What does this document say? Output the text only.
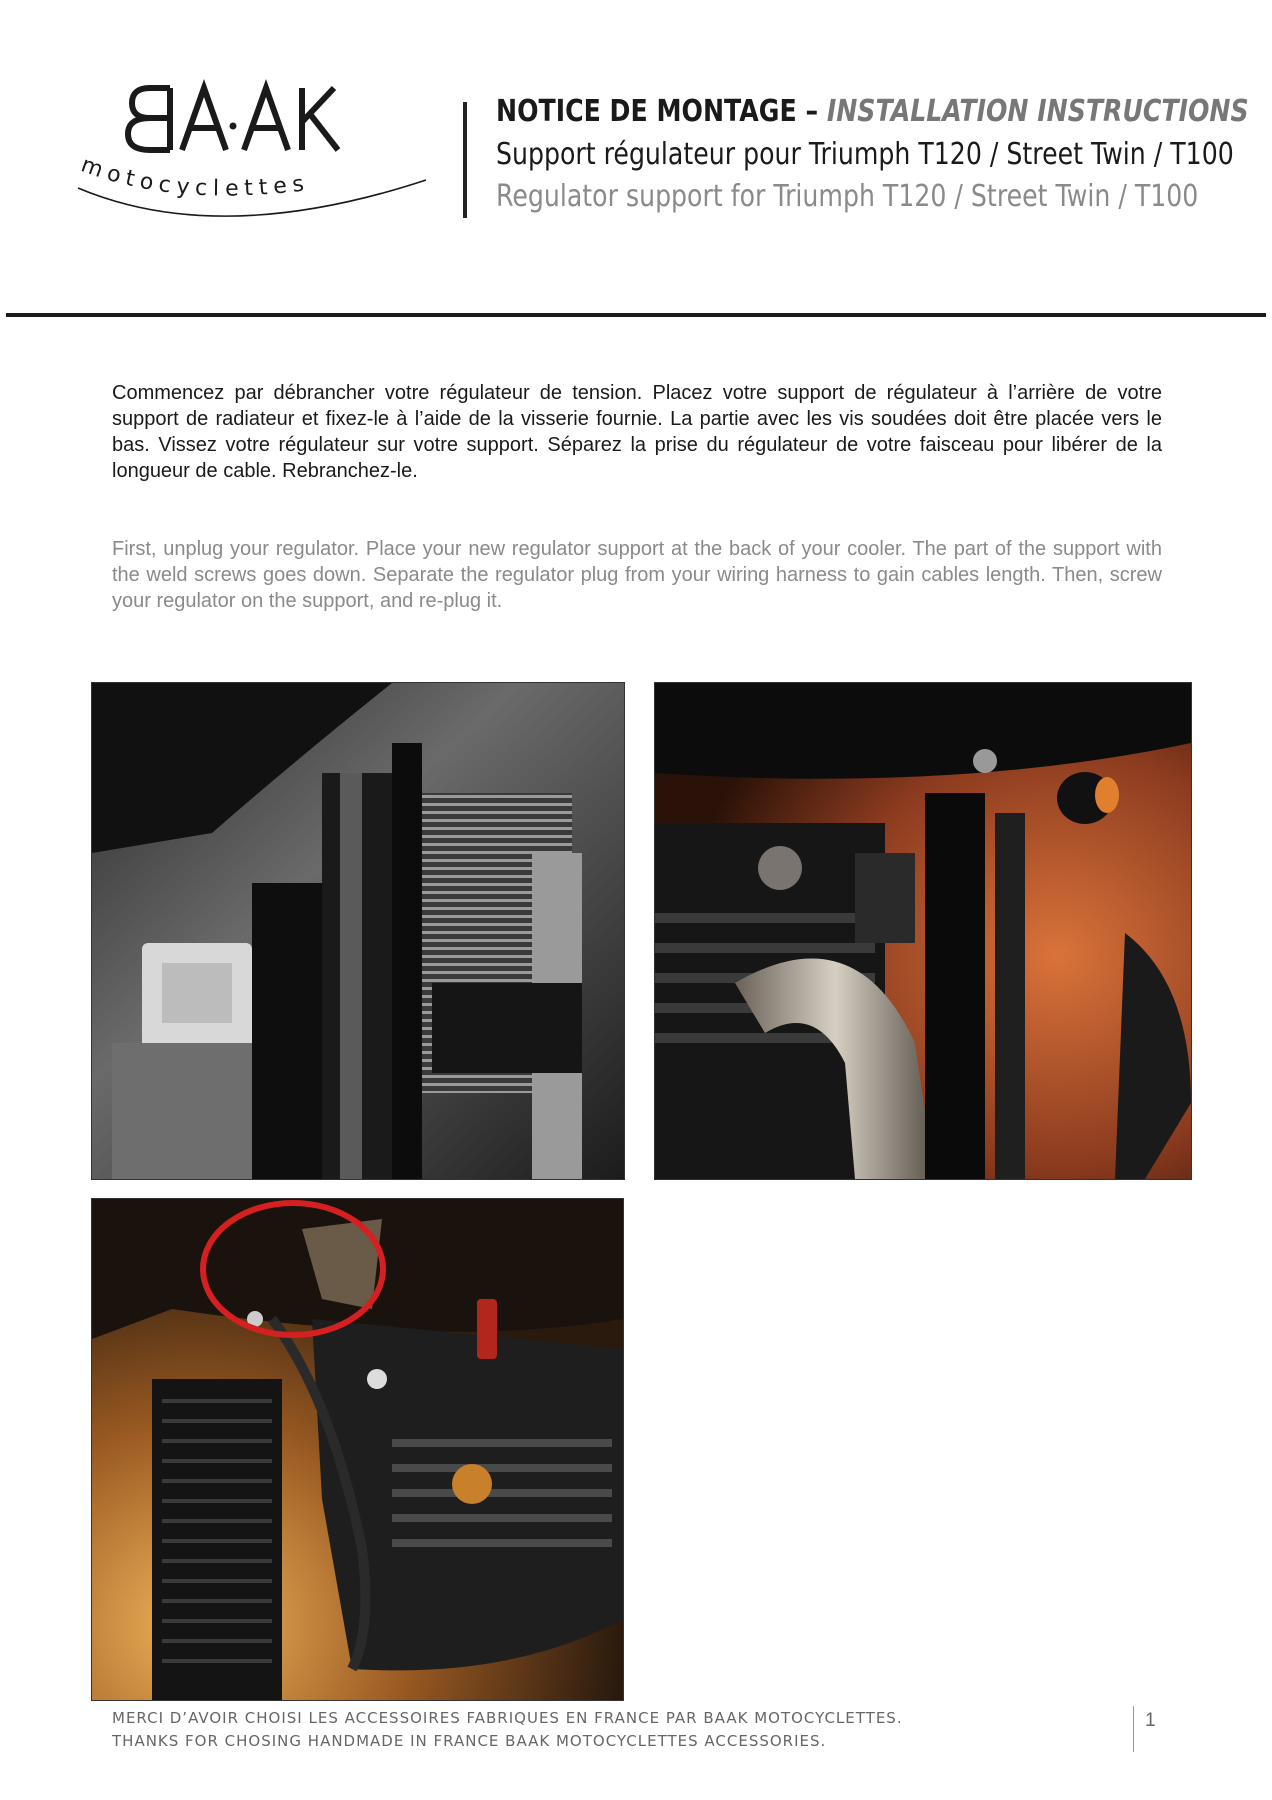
motocyclettes
NOTICE DE MONTAGE – INSTALLATION INSTRUCTIONS
Support régulateur pour Triumph T120 / Street Twin / T100
Regulator support for Triumph T120 / Street Twin / T100

Commencez par débrancher votre régulateur de tension. Placez votre support de régulateur à l’arrière de votre support de radiateur et fixez-le à l’aide de la visserie fournie. La partie avec les vis soudées doit être placée vers le bas. Vissez votre régulateur sur votre support. Séparez la prise du régulateur de votre faisceau pour libérer de la longueur de cable. Rebranchez-le.

First, unplug your regulator. Place your new regulator support at the back of your cooler. The part of the support with the weld screws goes down. Separate the regulator plug from your wiring harness to gain cables length. Then, screw your regulator on the support, and re-plug it.

MERCI D’AVOIR CHOISI LES ACCESSOIRES FABRIQUES EN FRANCE PAR BAAK MOTOCYCLETTES.
THANKS FOR CHOSING HANDMADE IN FRANCE BAAK MOTOCYCLETTES ACCESSORIES.
1
